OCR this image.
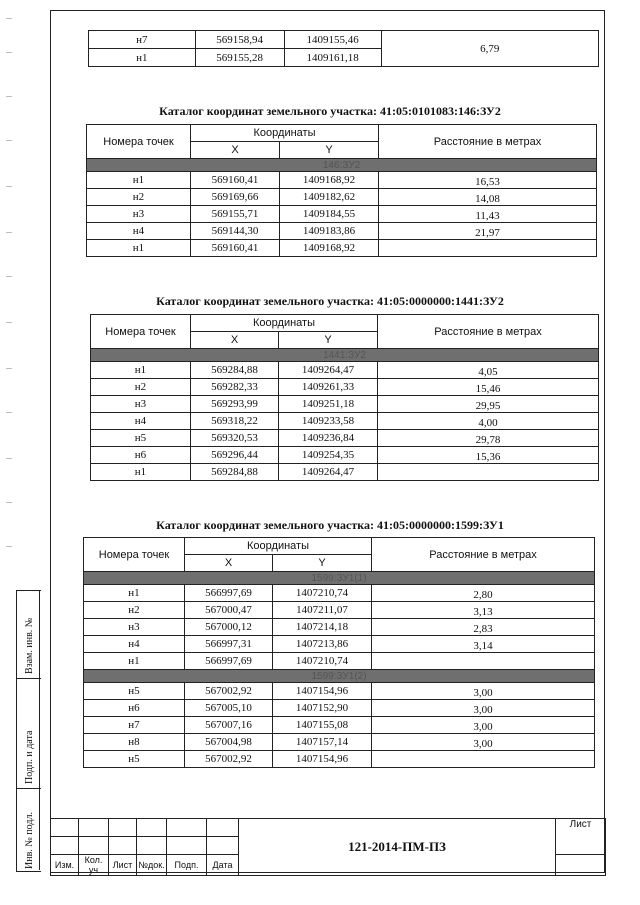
Взам. инв. №
Подп. и дата
Инв. № подл.
н7	569158,94	1409155,46	6,79
н1	569155,28	1409161,18	
Каталог координат земельного участка: 41:05:0101083:146:ЗУ2
Номера точек	Координаты		Расстояние в метрах
	X	Y	
146:ЗУ2			
н1	569160,41	1409168,92	16,53
н2	569169,66	1409182,62	14,08
н3	569155,71	1409184,55	11,43
н4	569144,30	1409183,86	21,97
н1	569160,41	1409168,92	
Каталог координат земельного участка: 41:05:0000000:1441:ЗУ2
Номера точек	Координаты		Расстояние в метрах
	X	Y	
1441:ЗУ2			
н1	569284,88	1409264,47	4,05
н2	569282,33	1409261,33	15,46
н3	569293,99	1409251,18	29,95
н4	569318,22	1409233,58	4,00
н5	569320,53	1409236,84	29,78
н6	569296,44	1409254,35	15,36
н1	569284,88	1409264,47	
Каталог координат земельного участка: 41:05:0000000:1599:ЗУ1
Номера точек	Координаты		Расстояние в метрах
	X	Y	
1599:ЗУ1(1)			
н1	566997,69	1407210,74	2,80
н2	567000,47	1407211,07	3,13
н3	567000,12	1407214,18	2,83
н4	566997,31	1407213,86	3,14
н1	566997,69	1407210,74	
1599:ЗУ1(2)			
н5	567002,92	1407154,96	3,00
н6	567005,10	1407152,90	3,00
н7	567007,16	1407155,08	3,00
н8	567004,98	1407157,14	3,00
н5	567002,92	1407154,96	
						121-2014-ПМ-ПЗ	Лист

Изм.	Кол. уч	Лист	№док.	Подп.	Дата		
